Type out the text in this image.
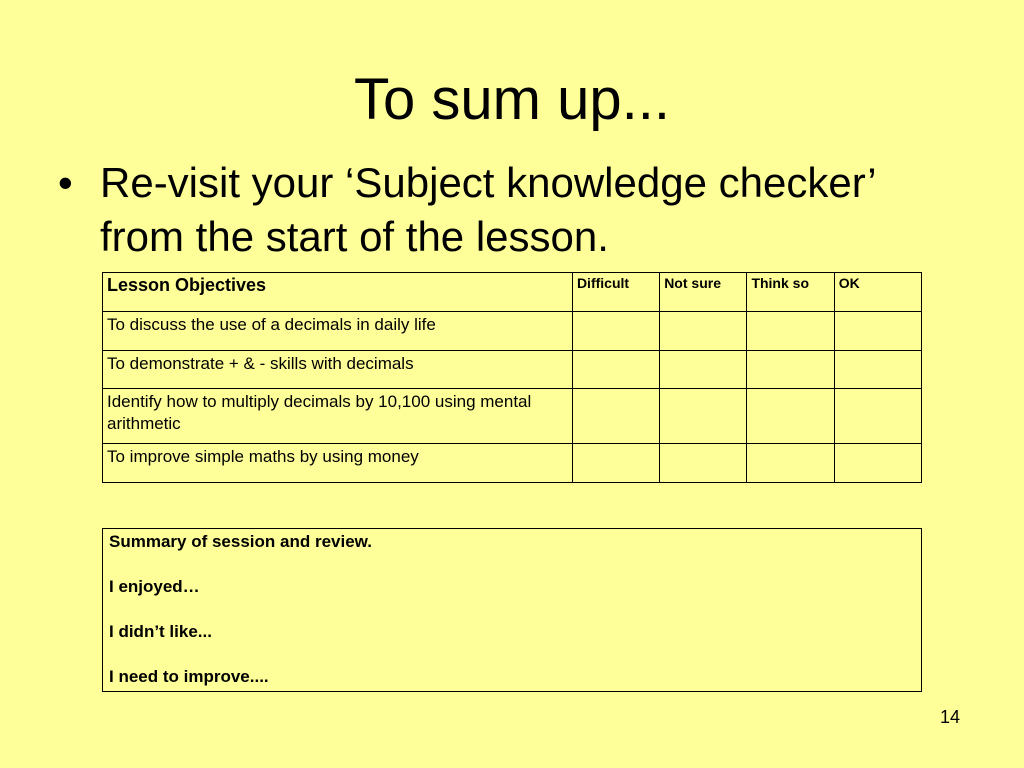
To sum up...
• Re-visit your ‘Subject knowledge checker’ from the start of the lesson.
Lesson Objectives	Difficult	Not sure	Think so	OK
To discuss the use of a decimals in daily life				
To demonstrate + & - skills with decimals				
Identify how to multiply decimals by 10,100 using mental arithmetic				
To improve simple maths by using money				
Summary of session and review.
I enjoyed…
I didn’t like...
I need to improve....
14
